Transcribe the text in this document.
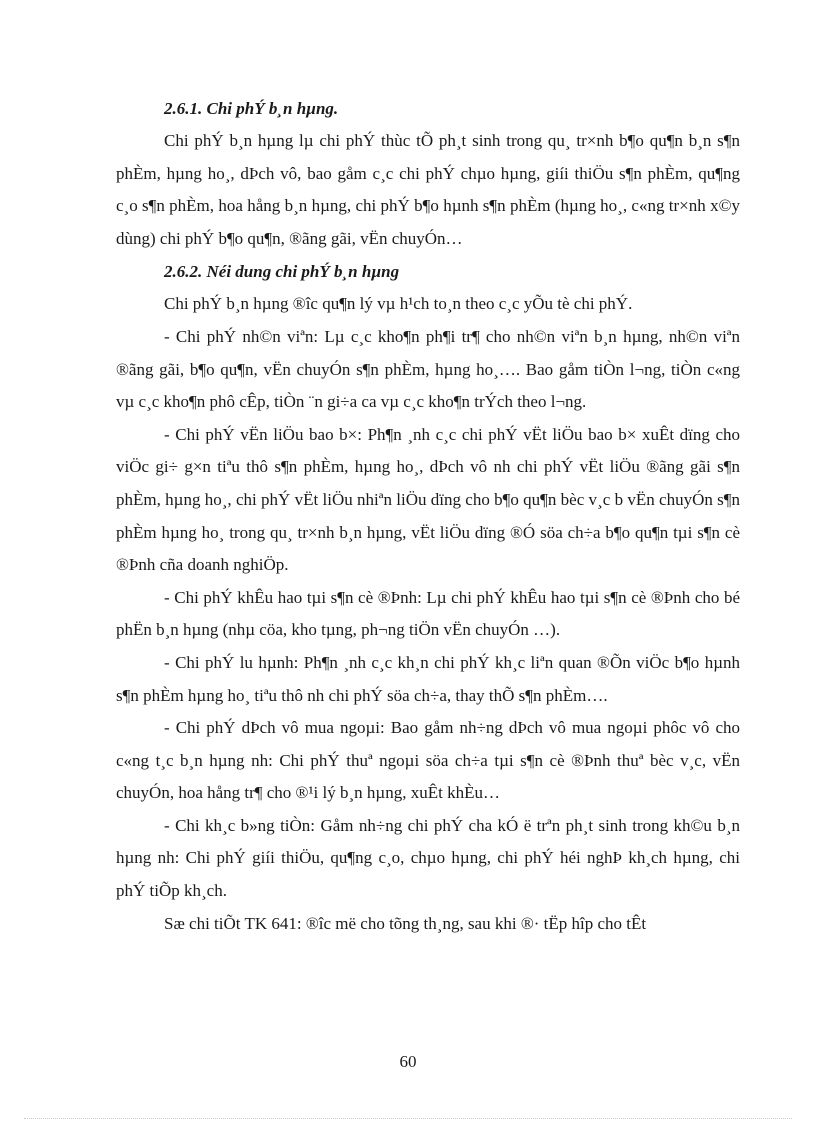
2.6.1. Chi phÝ b¸n hµng.

Chi phÝ b¸n hµng lµ chi phÝ thùc tÕ ph¸t sinh trong qu¸ tr×nh b¶o qu¶n b¸n s¶n phÈm, hµng ho¸, dÞch vô, bao gåm c¸c chi phÝ chµo hµng, giíi thiÖu s¶n phÈm, qu¶ng c¸o s¶n phÈm, hoa hång b¸n hµng, chi phÝ b¶o hµnh s¶n phÈm (hµng ho¸, c«ng tr×nh x©y dùng) chi phÝ b¶o qu¶n, ®ãng gãi, vËn chuyÓn…

2.6.2. Néi dung chi phÝ b¸n hµng

Chi phÝ b¸n hµng ®îc qu¶n lý vµ h¹ch to¸n theo c¸c yÕu tè chi phÝ.

- Chi phÝ nh©n viªn: Lµ c¸c kho¶n ph¶i tr¶ cho nh©n viªn b¸n hµng, nh©n viªn ®ãng gãi, b¶o qu¶n, vËn chuyÓn s¶n phÈm, hµng ho¸…. Bao gåm tiÒn l¬ng, tiÒn c«ng vµ c¸c kho¶n phô cÊp, tiÒn ¨n gi÷a ca vµ c¸c kho¶n trÝch theo l¬ng.

- Chi phÝ vËn liÖu bao b×: Ph¶n ¸nh c¸c chi phÝ vËt liÖu bao b× xuÊt dïng cho viÖc gi÷ g×n tiªu thô s¶n phÈm, hµng ho¸, dÞch vô nh chi phÝ vËt liÖu ®ãng gãi s¶n phÈm, hµng ho¸, chi phÝ vËt liÖu nhiªn liÖu dïng cho b¶o qu¶n bèc v¸c b vËn chuyÓn s¶n phÈm hµng ho¸ trong qu¸ tr×nh b¸n hµng, vËt liÖu dïng ®Ó söa ch÷a b¶o qu¶n tµi s¶n cè ®Þnh cña doanh nghiÖp.

- Chi phÝ khÊu hao tµi s¶n cè ®Þnh: Lµ chi phÝ khÊu hao tµi s¶n cè ®Þnh cho bé phËn b¸n hµng (nhµ cöa, kho tµng, ph¬ng tiÖn vËn chuyÓn …).

- Chi phÝ lu hµnh: Ph¶n ¸nh c¸c kh¸n chi phÝ kh¸c liªn quan ®Õn viÖc b¶o hµnh s¶n phÈm hµng ho¸ tiªu thô nh chi phÝ söa ch÷a, thay thÕ s¶n phÈm….

- Chi phÝ dÞch vô mua ngoµi: Bao gåm nh÷ng dÞch vô mua ngoµi phôc vô cho c«ng t¸c b¸n hµng nh: Chi phÝ thuª ngoµi söa ch÷a tµi s¶n cè ®Þnh thuª bèc v¸c, vËn chuyÓn, hoa hång tr¶ cho ®¹i lý b¸n hµng, xuÊt khÈu…

- Chi kh¸c b»ng tiÒn: Gåm nh÷ng chi phÝ cha kÓ ë trªn ph¸t sinh trong kh©u b¸n hµng nh: Chi phÝ giíi thiÖu, qu¶ng c¸o, chµo hµng, chi phÝ héi nghÞ kh¸ch hµng, chi phÝ tiÕp kh¸ch.

Sæ chi tiÕt TK 641: ®îc më cho tõng th¸ng, sau khi ®· tËp hîp cho tÊt

60
